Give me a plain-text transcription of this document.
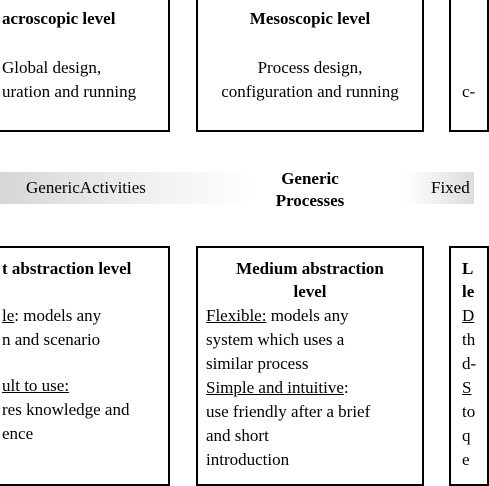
acroscopic level
Global design,
uration and running
Mesoscopic level
Process design,
configuration and running	c-
GenericActivities	Generic
Processes
Fixed
t abstraction level
le: models any
n and scenario
ult to use:
res knowledge and
ence
Medium abstraction
level
Flexible: models any
system which uses a
similar process
Simple and intuitive:
use friendly after a brief
and short
introduction
L
le
D
th
d-
S
to
q
e
